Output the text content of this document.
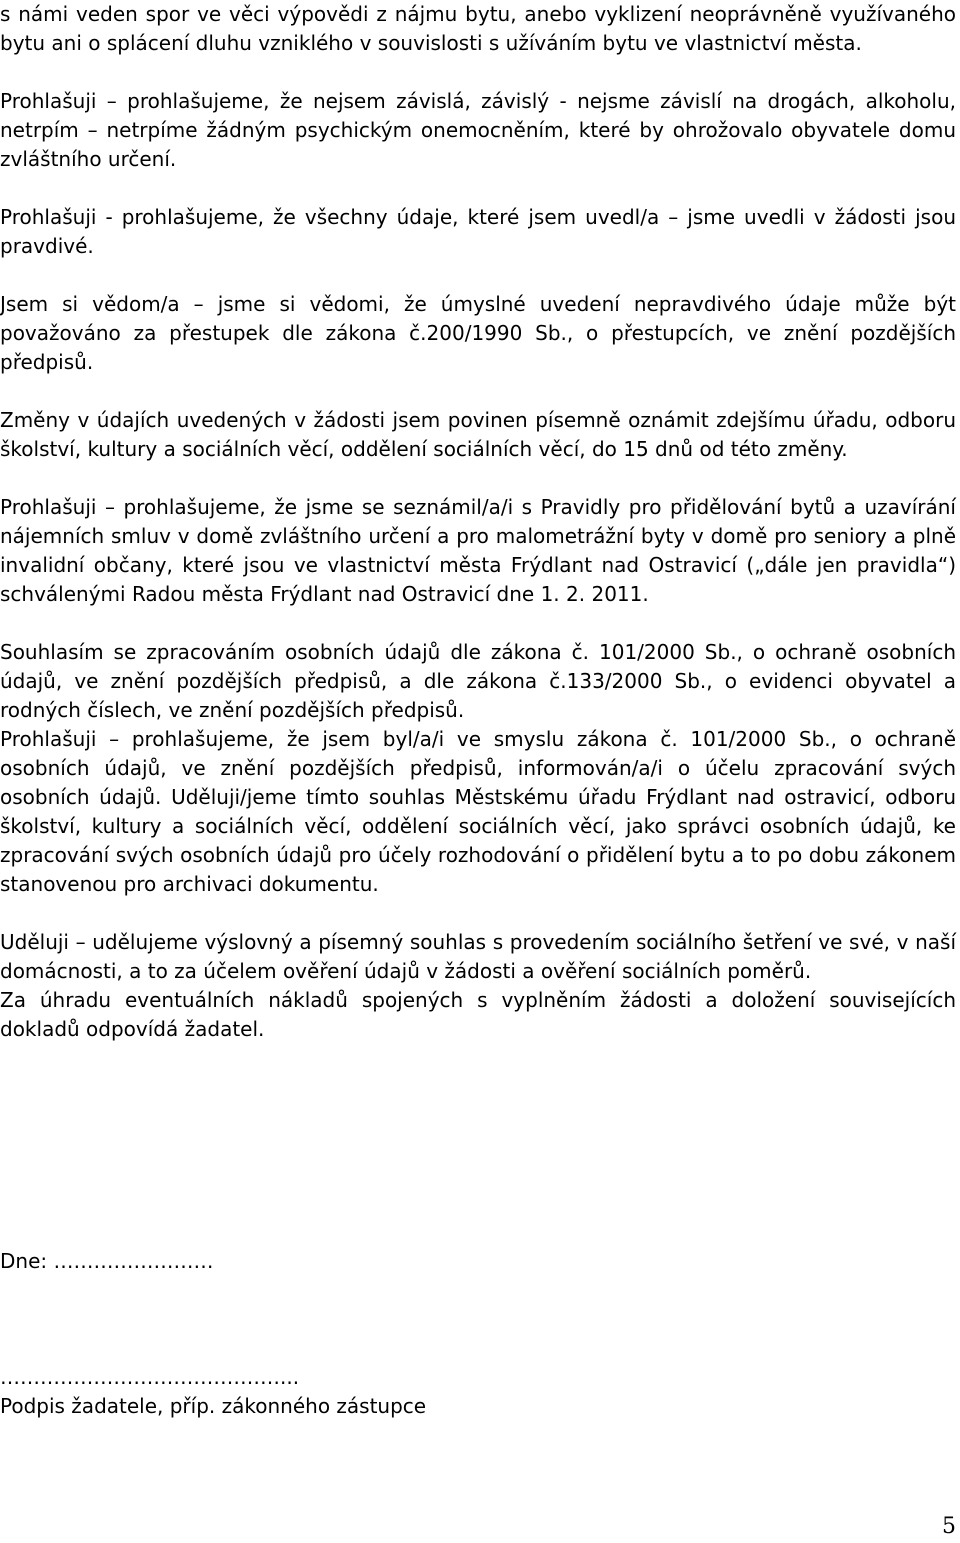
s námi veden spor ve věci výpovědi z nájmu bytu, anebo vyklizení neoprávněně využívaného bytu ani o splácení dluhu vzniklého v souvislosti s užíváním bytu ve vlastnictví města.

Prohlašuji – prohlašujeme, že nejsem závislá, závislý - nejsme závislí na drogách, alkoholu, netrpím – netrpíme žádným psychickým onemocněním, které by ohrožovalo obyvatele domu zvláštního určení.

Prohlašuji - prohlašujeme, že všechny údaje, které jsem uvedl/a – jsme uvedli v žádosti jsou pravdivé.

Jsem si vědom/a – jsme si vědomi, že úmyslné uvedení nepravdivého údaje může být považováno za přestupek dle zákona č.200/1990 Sb., o přestupcích, ve znění pozdějších předpisů.

Změny v údajích uvedených v žádosti jsem povinen písemně oznámit zdejšímu úřadu, odboru školství, kultury a sociálních věcí, oddělení sociálních věcí, do 15 dnů od této změny.

Prohlašuji – prohlašujeme, že jsme se seznámil/a/i s Pravidly pro přidělování bytů a uzavírání nájemních smluv v domě zvláštního určení a pro malometrážní byty v domě pro seniory a plně invalidní občany, které jsou ve vlastnictví města Frýdlant nad Ostravicí („dále jen pravidla“) schválenými Radou města Frýdlant nad Ostravicí dne 1. 2. 2011.

Souhlasím se zpracováním osobních údajů dle zákona č. 101/2000 Sb., o ochraně osobních údajů, ve znění pozdějších předpisů, a dle zákona č.133/2000 Sb., o evidenci obyvatel a rodných číslech, ve znění pozdějších předpisů.

Prohlašuji – prohlašujeme, že jsem byl/a/i ve smyslu zákona č. 101/2000 Sb., o ochraně osobních údajů, ve znění pozdějších předpisů, informován/a/i o účelu zpracování svých osobních údajů. Uděluji/jeme tímto souhlas Městskému úřadu Frýdlant nad ostravicí, odboru školství, kultury a sociálních věcí, oddělení sociálních věcí, jako správci osobních údajů, ke zpracování svých osobních údajů pro účely rozhodování o přidělení bytu a to po dobu zákonem stanovenou pro archivaci dokumentu.

Uděluji – udělujeme výslovný a písemný souhlas s provedením sociálního šetření ve své, v naší domácnosti, a to za účelem ověření údajů v žádosti a ověření sociálních poměrů.

Za úhradu eventuálních nákladů spojených s vyplněním žádosti a doložení souvisejících dokladů odpovídá žadatel.

Dne: ……………………
……………………………………...
Podpis žadatele, příp. zákonného zástupce
5
